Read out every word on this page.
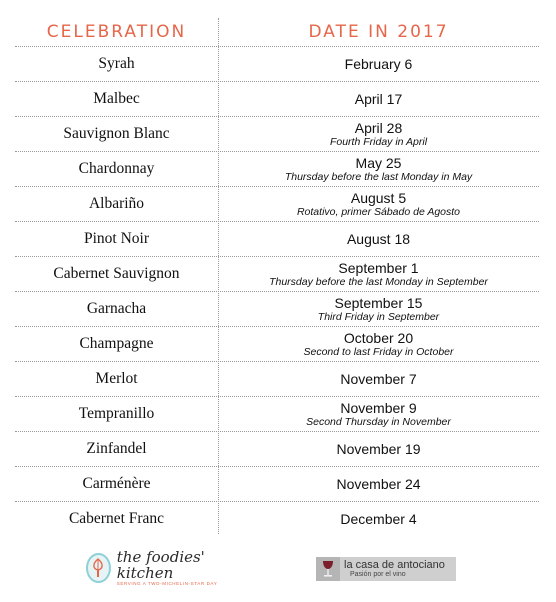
CELEBRATION	DATE IN 2017
Syrah	February 6
Malbec	April 17
Sauvignon Blanc	April 28
Fourth Friday in April
Chardonnay	May 25
Thursday before the last Monday in May
Albariño	August 5
Rotativo, primer Sábado de Agosto
Pinot Noir	August 18
Cabernet Sauvignon	September 1
Thursday before the last Monday in September
Garnacha	September 15
Third Friday in September
Champagne	October 20
Second to last Friday in October
Merlot	November 7
Tempranillo	November 9
Second Thursday in November
Zinfandel	November 19
Carménère	November 24
Cabernet Franc	December 4
the foodies' kitchen
SERVING A TWO-MICHELIN-STAR DAY
la casa de antociano
Pasión por el vino
